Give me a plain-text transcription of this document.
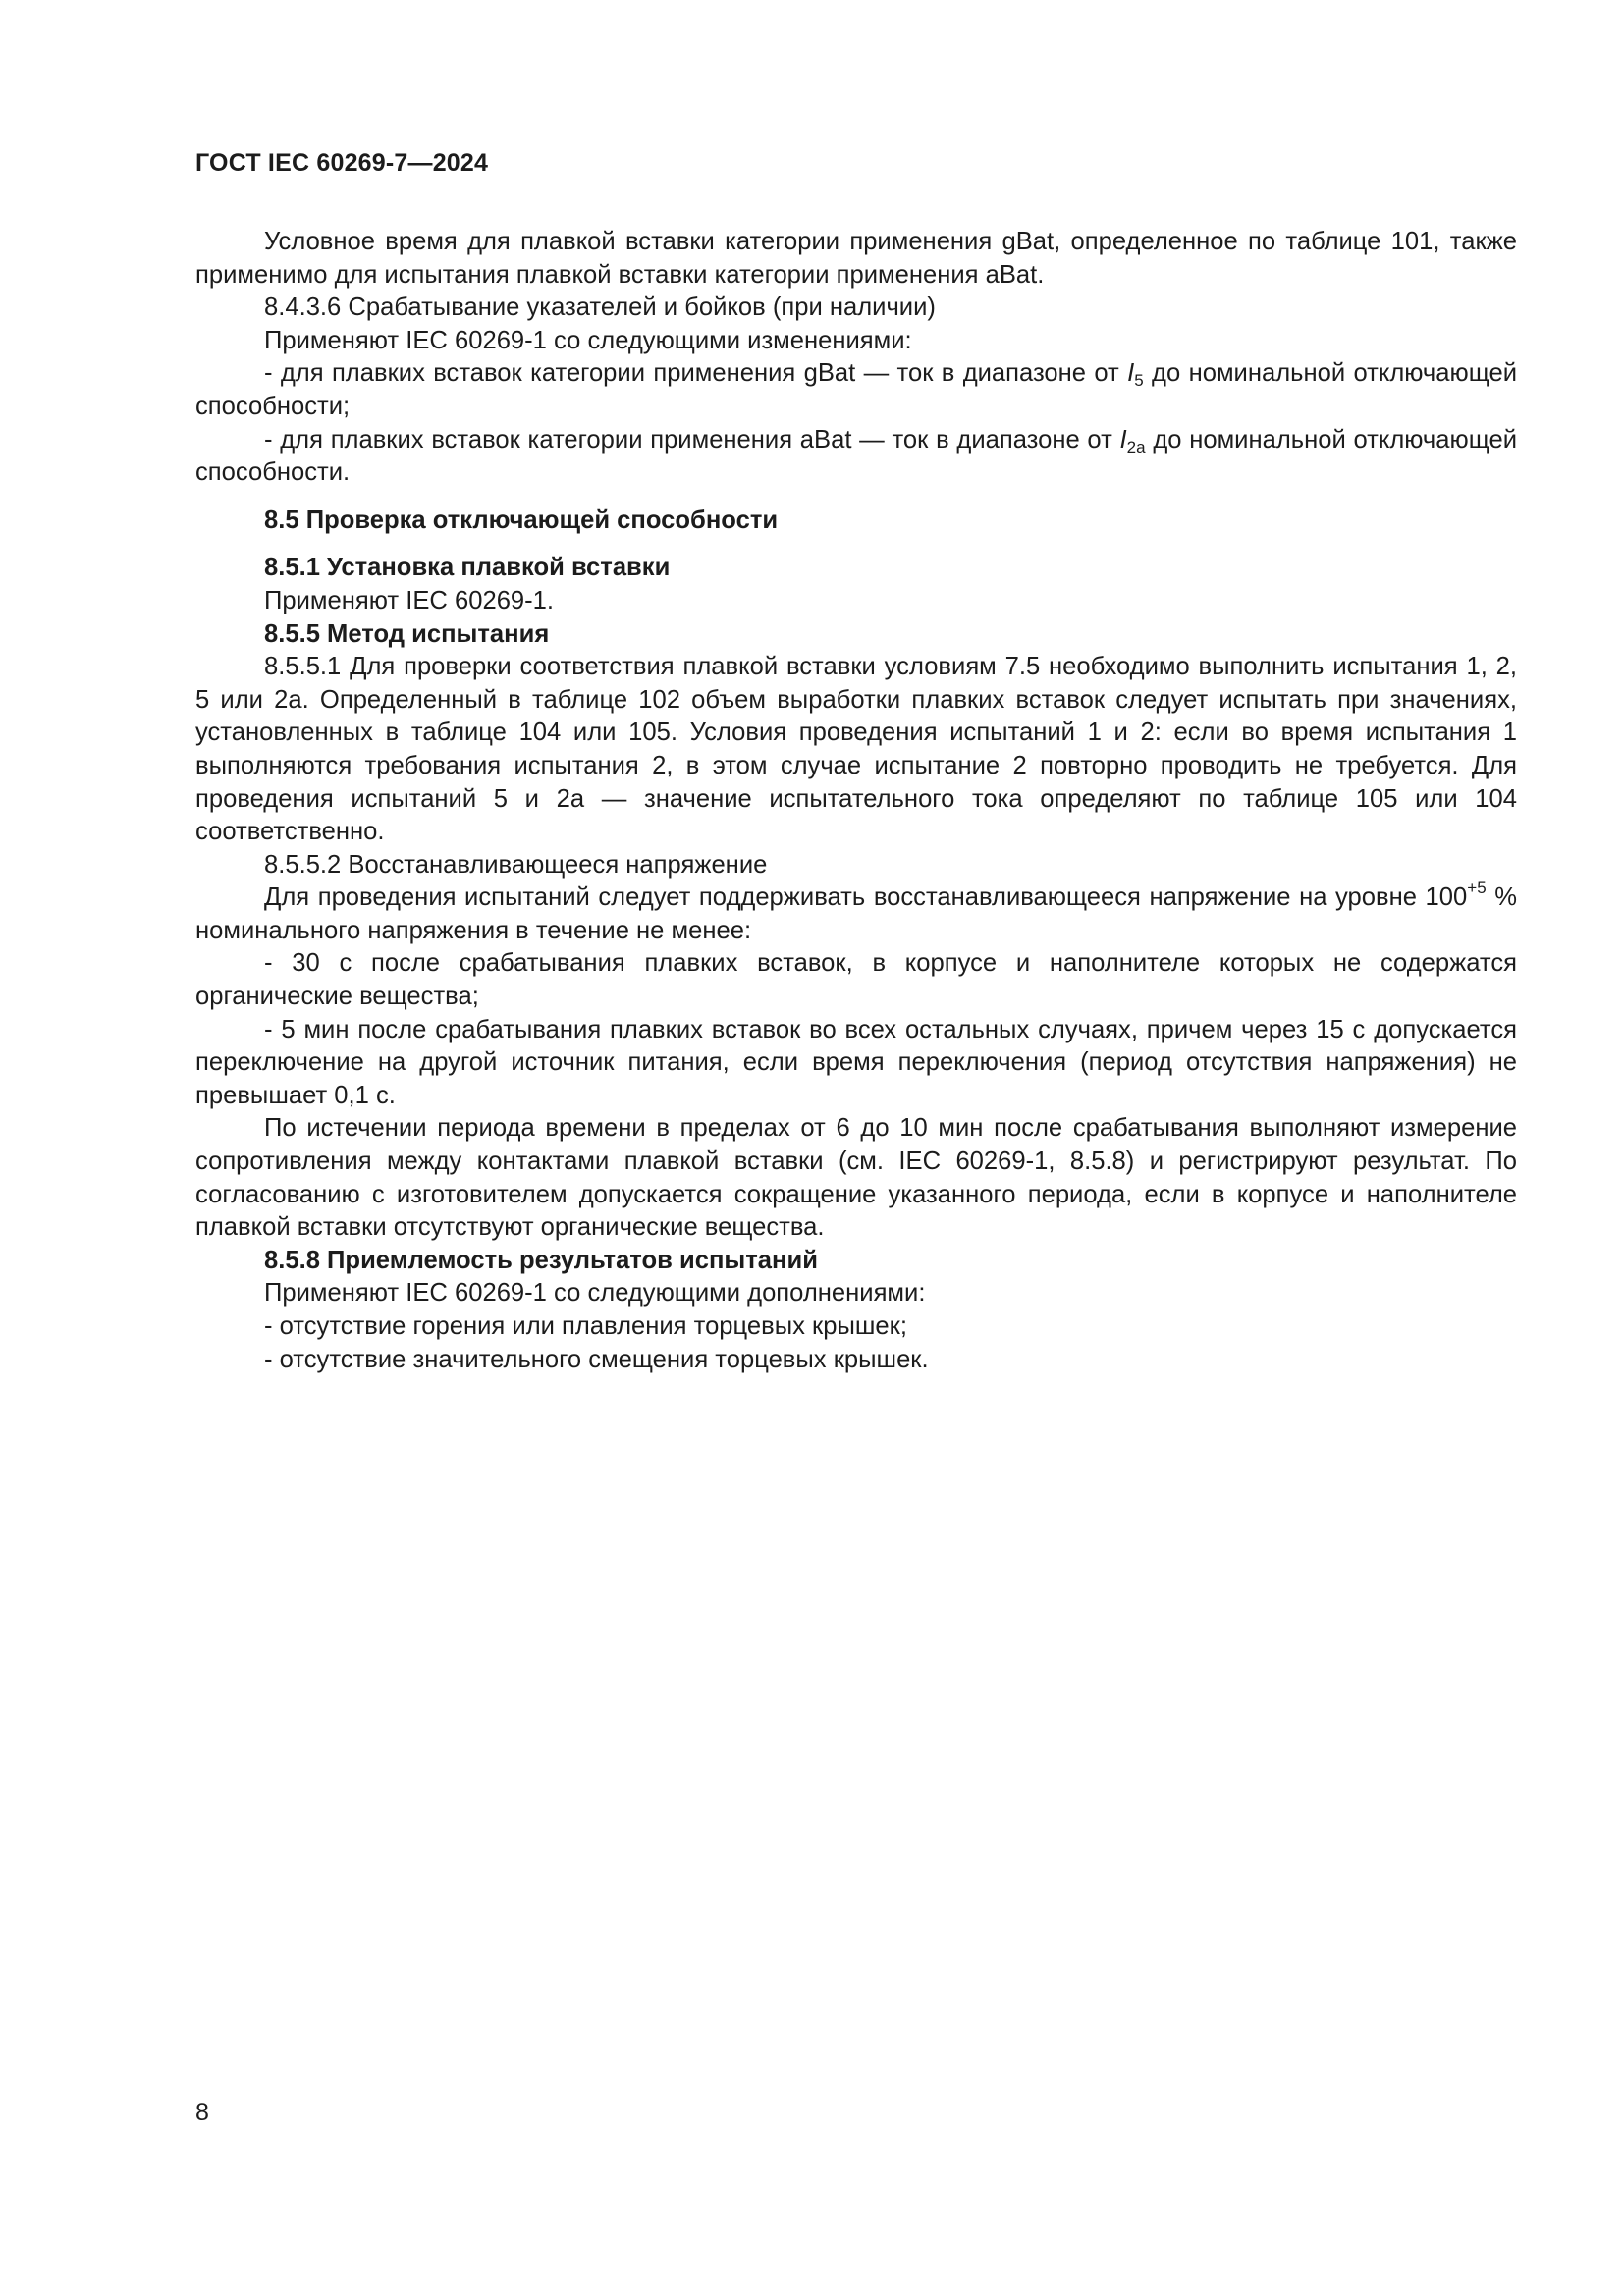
ГОСТ IEC 60269-7—2024

Условное время для плавкой вставки категории применения gBat, определенное по таблице 101, также применимо для испытания плавкой вставки категории применения aBat.

8.4.3.6 Срабатывание указателей и бойков (при наличии)

Применяют IEC 60269-1 со следующими изменениями:

- для плавких вставок категории применения gBat — ток в диапазоне от $I_5$ до номинальной отключающей способности;

- для плавких вставок категории применения aBat — ток в диапазоне от $I_{2a}$ до номинальной отключающей способности.

8.5 Проверка отключающей способности

8.5.1 Установка плавкой вставки

Применяют IEC 60269-1.

8.5.5 Метод испытания

8.5.5.1 Для проверки соответствия плавкой вставки условиям 7.5 необходимо выполнить испытания 1, 2, 5 или 2a. Определенный в таблице 102 объем выработки плавких вставок следует испытать при значениях, установленных в таблице 104 или 105. Условия проведения испытаний 1 и 2: если во время испытания 1 выполняются требования испытания 2, в этом случае испытание 2 повторно проводить не требуется. Для проведения испытаний 5 и 2a — значение испытательного тока определяют по таблице 105 или 104 соответственно.

8.5.5.2 Восстанавливающееся напряжение

Для проведения испытаний следует поддерживать восстанавливающееся напряжение на уровне $100^{+5}$ % номинального напряжения в течение не менее:

- 30 с после срабатывания плавких вставок, в корпусе и наполнителе которых не содержатся органические вещества;

- 5 мин после срабатывания плавких вставок во всех остальных случаях, причем через 15 с допускается переключение на другой источник питания, если время переключения (период отсутствия напряжения) не превышает 0,1 с.

По истечении периода времени в пределах от 6 до 10 мин после срабатывания выполняют измерение сопротивления между контактами плавкой вставки (см. IEC 60269-1, 8.5.8) и регистрируют результат. По согласованию с изготовителем допускается сокращение указанного периода, если в корпусе и наполнителе плавкой вставки отсутствуют органические вещества.

8.5.8 Приемлемость результатов испытаний

Применяют IEC 60269-1 со следующими дополнениями:

- отсутствие горения или плавления торцевых крышек;

- отсутствие значительного смещения торцевых крышек.

8
